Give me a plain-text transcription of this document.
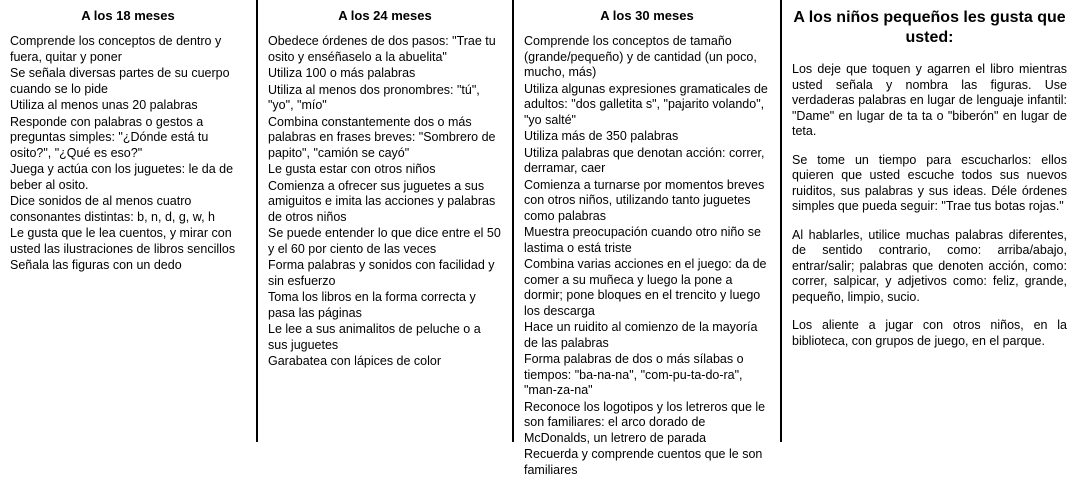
A los 18 meses
Comprende los conceptos de dentro y fuera, quitar y poner
Se señala diversas partes de su cuerpo cuando se lo pide
Utiliza al menos unas 20 palabras
Responde con palabras o gestos a preguntas simples: "¿Dónde está tu osito?", "¿Qué es eso?"
Juega y actúa con los juguetes: le da de beber al osito.
Dice sonidos de al menos cuatro consonantes distintas: b, n, d, g, w, h
Le gusta que le lea cuentos, y mirar con usted las ilustraciones de libros sencillos
Señala las figuras con un dedo
A los 24 meses
Obedece órdenes de dos pasos: "Trae tu osito y enséñaselo a la abuelita"
Utiliza 100 o más palabras
Utiliza al menos dos pronombres: "tú", "yo", "mío"
Combina constantemente dos o más palabras en frases breves: "Sombrero de papito", "camión se cayó"
Le gusta estar con otros niños
Comienza a ofrecer sus juguetes a sus amiguitos e imita las acciones y palabras de otros niños
Se puede entender lo que dice entre el 50 y el 60 por ciento de las veces
Forma palabras y sonidos con facilidad y sin esfuerzo
Toma los libros en la forma correcta y pasa las páginas
Le lee a sus animalitos de peluche o a sus juguetes
Garabatea con lápices de color
A los 30 meses
Comprende los conceptos de tamaño (grande/pequeño) y de cantidad (un poco, mucho, más)
Utiliza algunas expresiones gramaticales de adultos: "dos galletita s", "pajarito volando", "yo salté"
Utiliza más de 350 palabras
Utiliza palabras que denotan acción: correr, derramar, caer
Comienza a turnarse por momentos breves con otros niños, utilizando tanto juguetes como palabras
Muestra preocupación cuando otro niño se lastima o está triste
Combina varias acciones en el juego: da de comer a su muñeca y luego la pone a dormir; pone bloques en el trencito y luego los descarga
Hace un ruidito al comienzo de la mayoría de las palabras
Forma palabras de dos o más sílabas o tiempos: "ba-na-na", "com-pu-ta-do-ra", "man-za-na"
Reconoce los logotipos y los letreros que le son familiares: el arco dorado de McDonalds, un letrero de parada
Recuerda y comprende cuentos que le son familiares
A los niños pequeños les gusta que usted:

Los deje que toquen y agarren el libro mientras usted señala y nombra las figuras. Use verdaderas palabras en lugar de lenguaje infantil: "Dame" en lugar de ta ta o "biberón" en lugar de teta.

Se tome un tiempo para escucharlos: ellos quieren que usted escuche todos sus nuevos ruiditos, sus palabras y sus ideas. Déle órdenes simples que pueda seguir: "Trae tus botas rojas."

Al hablarles, utilice muchas palabras diferentes, de sentido contrario, como: arriba/abajo, entrar/salir; palabras que denoten acción, como: correr, salpicar, y adjetivos como: feliz, grande, pequeño, limpio, sucio.

Los aliente a jugar con otros niños, en la biblioteca, con grupos de juego, en el parque.
